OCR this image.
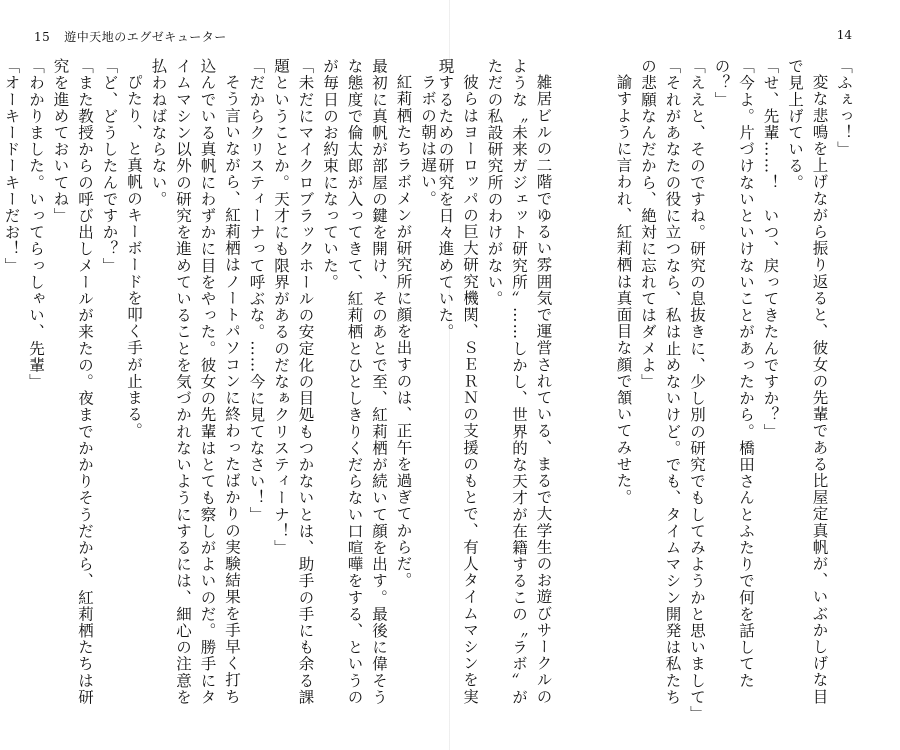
15 遊中天地のエグゼキューター

ラボの朝は遅い。

紅莉栖たちラボメンが研究所に顔を出すのは、正午を過ぎてからだ。

最初に真帆が部屋の鍵を開け、そのあとで至、紅莉栖が続いて顔を出す。最後に偉そうな態度で倫太郎が入ってきて、紅莉栖とひとしきりくだらない口喧嘩をする、というのが毎日のお約束になっていた。

「未だにマイクロブラックホールの安定化の目処もつかないとは、助手の手にも余る課題ということか。天才にも限界があるのだなぁクリスティーナ！」

「だからクリスティーナって呼ぶな。……今に見てなさい！」

そう言いながら、紅莉栖はノートパソコンに終わったばかりの実験結果を手早く打ち込んでいる真帆にわずかに目をやった。彼女の先輩はとても察しがよいのだ。勝手にタイムマシン以外の研究を進めていることを気づかれないようにするには、細心の注意を払わねばならない。

ぴたり、と真帆のキーボードを叩く手が止まる。

「ど、どうしたんですか？」

「また教授からの呼び出しメールが来たの。夜までかかりそうだから、紅莉栖たちは研究を進めておいてね」

「わかりました。いってらっしゃい、先輩」

「オーキードーキーだお！」

14

「ふぇっ！」

変な悲鳴を上げながら振り返ると、彼女の先輩である比屋定真帆が、いぶかしげな目で見上げている。

「せ、先輩……！　いつ、戻ってきたんですか？」

「今よ。片づけないといけないことがあったから。橋田さんとふたりで何を話してたの？」

「ええと、そのですね。研究の息抜きに、少し別の研究でもしてみようかと思いまして」

「それがあなたの役に立つなら、私は止めないけど。でも、タイムマシン開発は私たちの悲願なんだから、絶対に忘れてはダメよ」

諭すように言われ、紅莉栖は真面目な顔で頷いてみせた。

雑居ビルの二階でゆるい雰囲気で運営されている、まるで大学生のお遊びサークルのような〝未来ガジェット研究所〟……しかし、世界的な天才が在籍するこの〝ラボ〟がただの私設研究所のわけがない。

彼らはヨーロッパの巨大研究機関、ＳＥＲＮの支援のもとで、有人タイムマシンを実現するための研究を日々進めていた。
